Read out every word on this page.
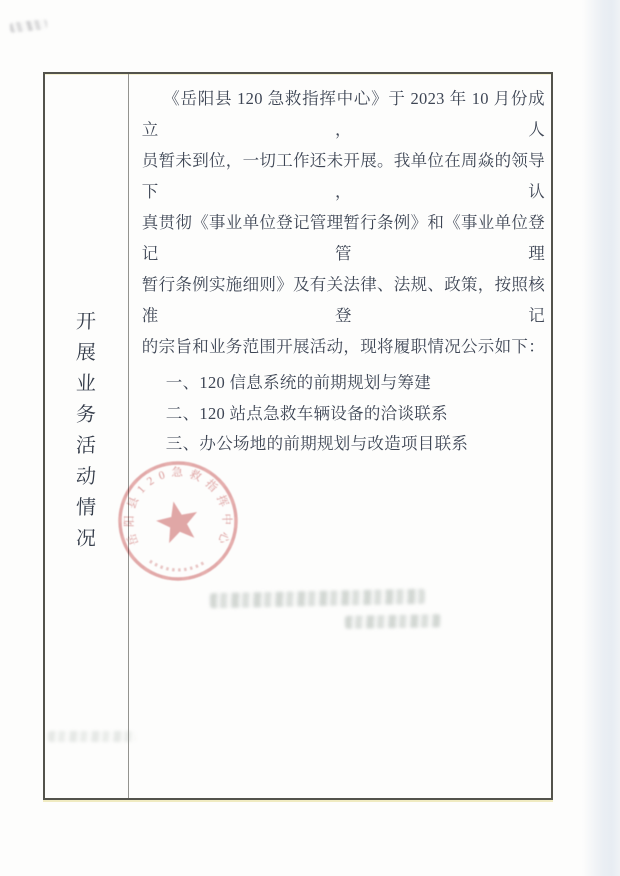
开
展
业
务
活
动
情
况

《岳阳县 120 急救指挥中心》于 2023 年 10 月份成立，人

员暂未到位，一切工作还未开展。我单位在周焱的领导下，认

真贯彻《事业单位登记管理暂行条例》和《事业单位登记管理

暂行条例实施细则》及有关法律、法规、政策，按照核准登记

的宗旨和业务范围开展活动，现将履职情况公示如下：

一、120 信息系统的前期规划与筹建

二、120 站点急救车辆设备的洽谈联系

三、办公场地的前期规划与改造项目联系

岳阳县120急救指挥中心
